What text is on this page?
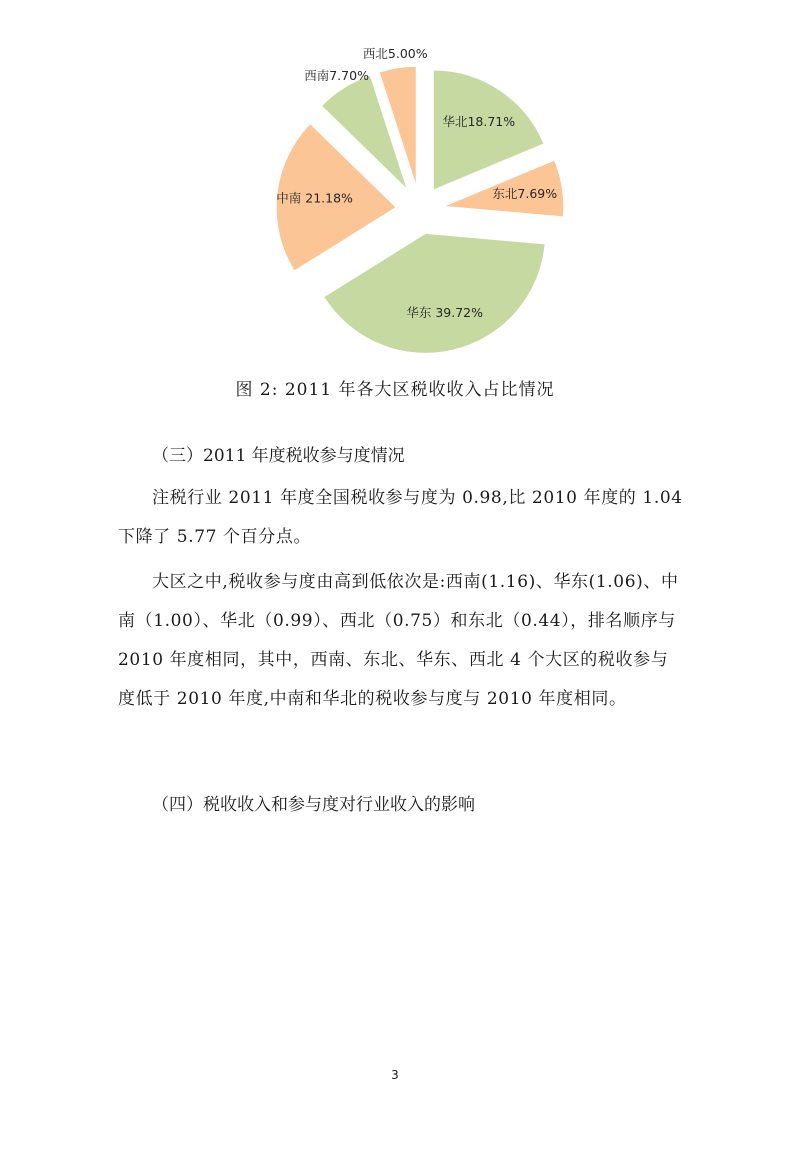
华北18.71%
东北7.69%
华东 39.72%
中南 21.18%
西南7.70%
西北5.00%
图 2: 2011 年各大区税收收入占比情况
（三）2011 年度税收参与度情况

注税行业 2011 年度全国税收参与度为 0.98,比 2010 年度的 1.04 下降了 5.77 个百分点。

大区之中,税收参与度由高到低依次是:西南(1.16)、华东(1.06)、中南（1.00）、华北（0.99）、西北（0.75）和东北（0.44），排名顺序与 2010 年度相同，其中，西南、东北、华东、西北 4 个大区的税收参与度低于 2010 年度,中南和华北的税收参与度与 2010 年度相同。

（四）税收收入和参与度对行业收入的影响
3
